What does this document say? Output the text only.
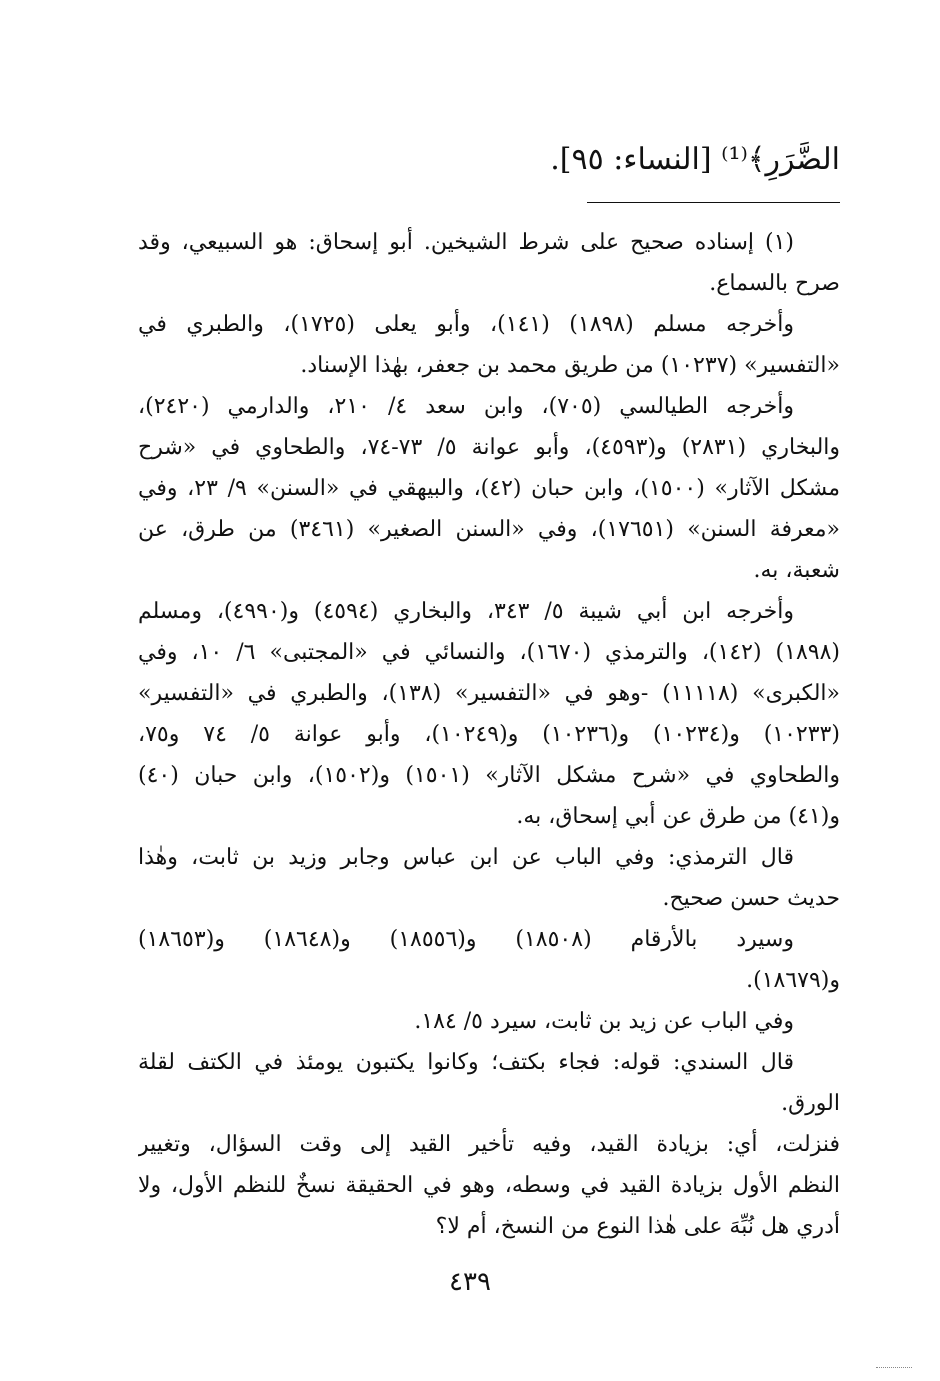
الضَّرَرِ﴾⁽¹⁾ [النساء: ٩٥].
(١) إسناده صحيح على شرط الشيخين. أبو إسحاق: هو السبيعي، وقد
صرح بالسماع.
وأخرجه مسلم (١٨٩٨) (١٤١)، وأبو يعلى (١٧٢٥)، والطبري في
«التفسير» (١٠٢٣٧) من طريق محمد بن جعفر، بهٰذا الإسناد.
وأخرجه الطيالسي (٧٠٥)، وابن سعد ٤/ ٢١٠، والدارمي (٢٤٢٠)،
والبخاري (٢٨٣١) و(٤٥٩٣)، وأبو عوانة ٥/ ٧٣-٧٤، والطحاوي في «شرح
مشكل الآثار» (١٥٠٠)، وابن حبان (٤٢)، والبيهقي في «السنن» ٩/ ٢٣، وفي
«معرفة السنن» (١٧٦٥١)، وفي «السنن الصغير» (٣٤٦١) من طرق، عن
شعبة، به.
وأخرجه ابن أبي شيبة ٥/ ٣٤٣، والبخاري (٤٥٩٤) و(٤٩٩٠)، ومسلم
(١٨٩٨) (١٤٢)، والترمذي (١٦٧٠)، والنسائي في «المجتبى» ٦/ ١٠، وفي
«الكبرى» (١١١١٨) -وهو في «التفسير» (١٣٨)، والطبري في «التفسير»
(١٠٢٣٣) و(١٠٢٣٤) و(١٠٢٣٦) و(١٠٢٤٩)، وأبو عوانة ٥/ ٧٤ و٧٥،
والطحاوي في «شرح مشكل الآثار» (١٥٠١) و(١٥٠٢)، وابن حبان (٤٠)
و(٤١) من طرق عن أبي إسحاق، به.
قال الترمذي: وفي الباب عن ابن عباس وجابر وزيد بن ثابت، وهٰذا
حديث حسن صحيح.
وسيرد بالأرقام (١٨٥٠٨) و(١٨٥٥٦) و(١٨٦٤٨) و(١٨٦٥٣)
و(١٨٦٧٩).
وفي الباب عن زيد بن ثابت، سيرد ٥/ ١٨٤.
قال السندي: قوله: فجاء بكتف؛ وكانوا يكتبون يومئذ في الكتف لقلة
الورق.
فنزلت، أي: بزيادة القيد، وفيه تأخير القيد إلى وقت السؤال، وتغيير
النظم الأول بزيادة القيد في وسطه، وهو في الحقيقة نسخٌ للنظم الأول، ولا
أدري هل نُبِّهَ على هٰذا النوع من النسخ، أم لا؟
٤٣٩
